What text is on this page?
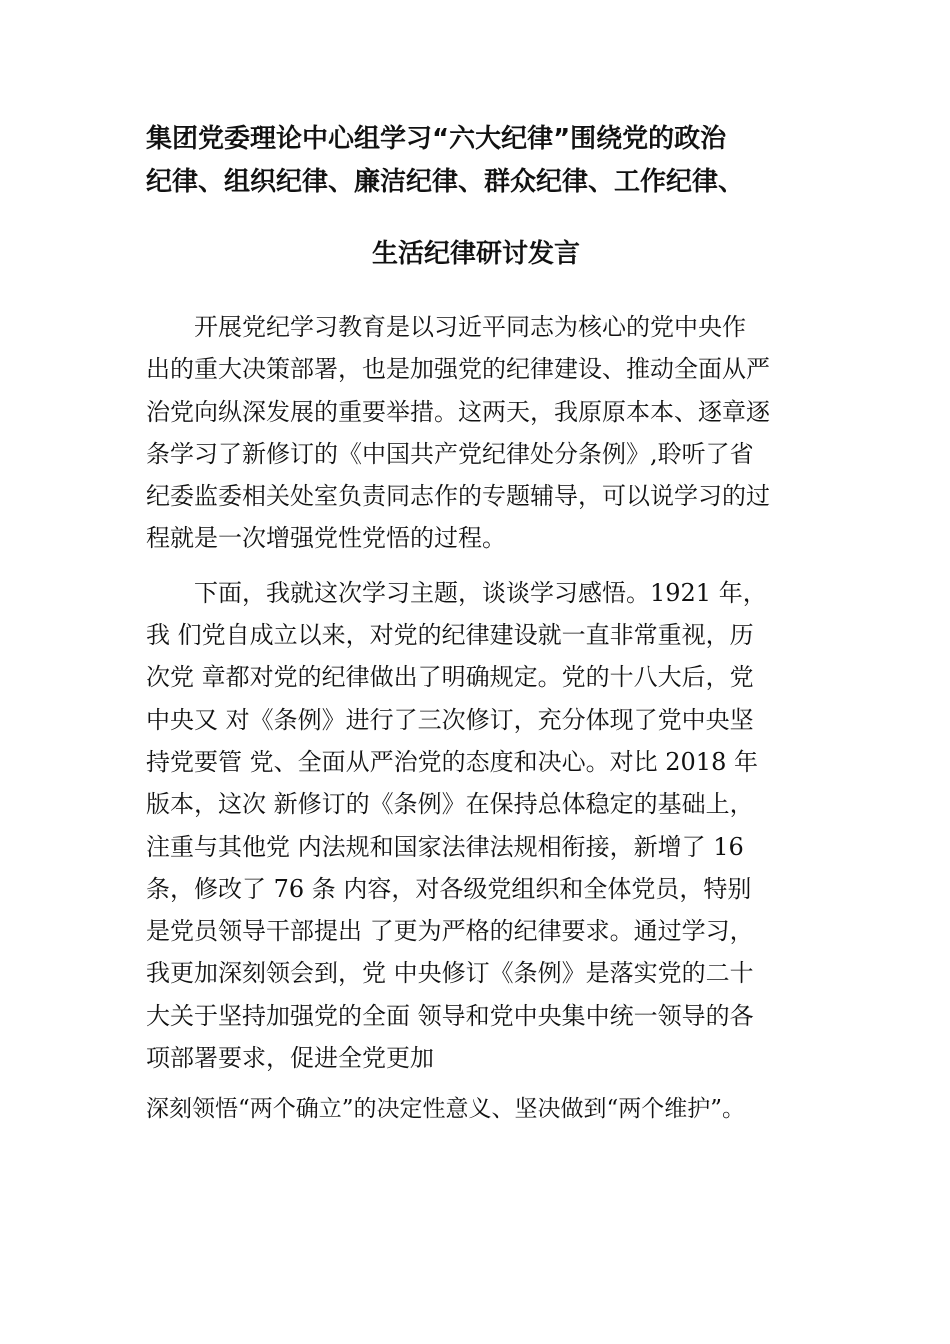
集团党委理论中心组学习“六大纪律”围绕党的政治
纪律、组织纪律、廉洁纪律、群众纪律、工作纪律、
生活纪律研讨发言
　　开展党纪学习教育是以习近平同志为核心的党中央作
出的重大决策部署，也是加强党的纪律建设、推动全面从严
治党向纵深发展的重要举措。这两天，我原原本本、逐章逐
条学习了新修订的《中国共产党纪律处分条例》,聆听了省
纪委监委相关处室负责同志作的专题辅导，可以说学习的过
程就是一次增强党性党悟的过程。
　　下面，我就这次学习主题，谈谈学习感悟。1921 年，
我 们党自成立以来，对党的纪律建设就一直非常重视，历
次党 章都对党的纪律做出了明确规定。党的十八大后，党
中央又 对《条例》进行了三次修订，充分体现了党中央坚
持党要管 党、全面从严治党的态度和决心。对比 2018 年
版本，这次 新修订的《条例》在保持总体稳定的基础上，
注重与其他党 内法规和国家法律法规相衔接，新增了 16
条，修改了 76 条 内容，对各级党组织和全体党员，特别
是党员领导干部提出 了更为严格的纪律要求。通过学习，
我更加深刻领会到，党 中央修订《条例》是落实党的二十
大关于坚持加强党的全面 领导和党中央集中统一领导的各
项部署要求，促进全党更加
深刻领悟“两个确立”的决定性意义、坚决做到“两个维护”。
